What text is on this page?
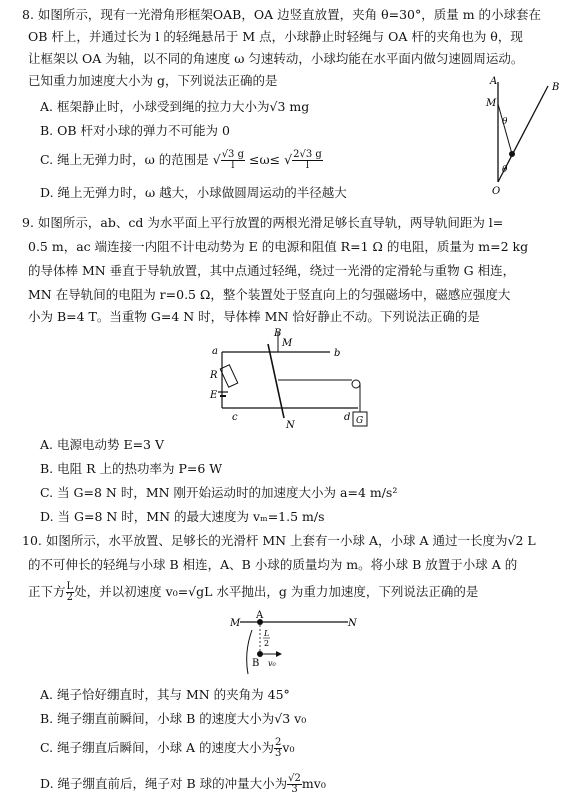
8. 如图所示，现有一光滑角形框架OAB，OA 边竖直放置，夹角 θ=30°，质量 m 的小球套在
OB 杆上，并通过长为 l 的轻绳悬吊于 M 点，小球静止时轻绳与 OA 杆的夹角也为 θ，现
让框架以 OA 为轴，以不同的角速度 ω 匀速转动，小球均能在水平面内做匀速圆周运动。
已知重力加速度大小为 g，下列说法正确的是
A. 框架静止时，小球受到绳的拉力大小为√3 mg
B. OB 杆对小球的弹力不可能为 0
C. 绳上无弹力时，ω 的范围是 √ $\frac{√3 g}{l} \le\omega\le$ √ $\frac{2√3 g}{l}$
D. 绳上无弹力时，ω 越大，小球做圆周运动的半径越大
A
B
M
θ
θ
O
9. 如图所示，ab、cd 为水平面上平行放置的两根光滑足够长直导轨，两导轨间距为 l=
0.5 m，ac 端连接一内阻不计电动势为 E 的电源和阻值 R=1 Ω 的电阻，质量为 m=2 kg
的导体棒 MN 垂直于导轨放置，其中点通过轻绳，绕过一光滑的定滑轮与重物 G 相连，
MN 在导轨间的电阻为 r=0.5 Ω，整个装置处于竖直向上的匀强磁场中，磁感应强度大
小为 B=4 T。当重物 G=4 N 时，导体棒 MN 恰好静止不动。下列说法正确的是
a	b
c	d
B
M
N
R
E
G
A. 电源电动势 E=3 V
B. 电阻 R 上的热功率为 P=6 W
C. 当 G=8 N 时，MN 刚开始运动时的加速度大小为 a=4 m/s²
D. 当 G=8 N 时，MN 的最大速度为 vₘ=1.5 m/s
10. 如图所示，水平放置、足够长的光滑杆 MN 上套有一小球 A，小球 A 通过一长度为√2 L
的不可伸长的轻绳与小球 B 相连，A、B 小球的质量均为 m。将小球 B 放置于小球 A 的
正下方 $\frac{L}{2}$ 处，并以初速度 v₀=√gL 水平抛出，g 为重力加速度，下列说法正确的是
M	N
A
B
L
2
v₀
A. 绳子恰好绷直时，其与 MN 的夹角为 45°
B. 绳子绷直前瞬间，小球 B 的速度大小为√3 v₀
C. 绳子绷直后瞬间，小球 A 的速度大小为 $\frac{2}{3} v_0$
D. 绳子绷直前后，绳子对 B 球的冲量大小为 $\frac{√2}{3} mv_0$
